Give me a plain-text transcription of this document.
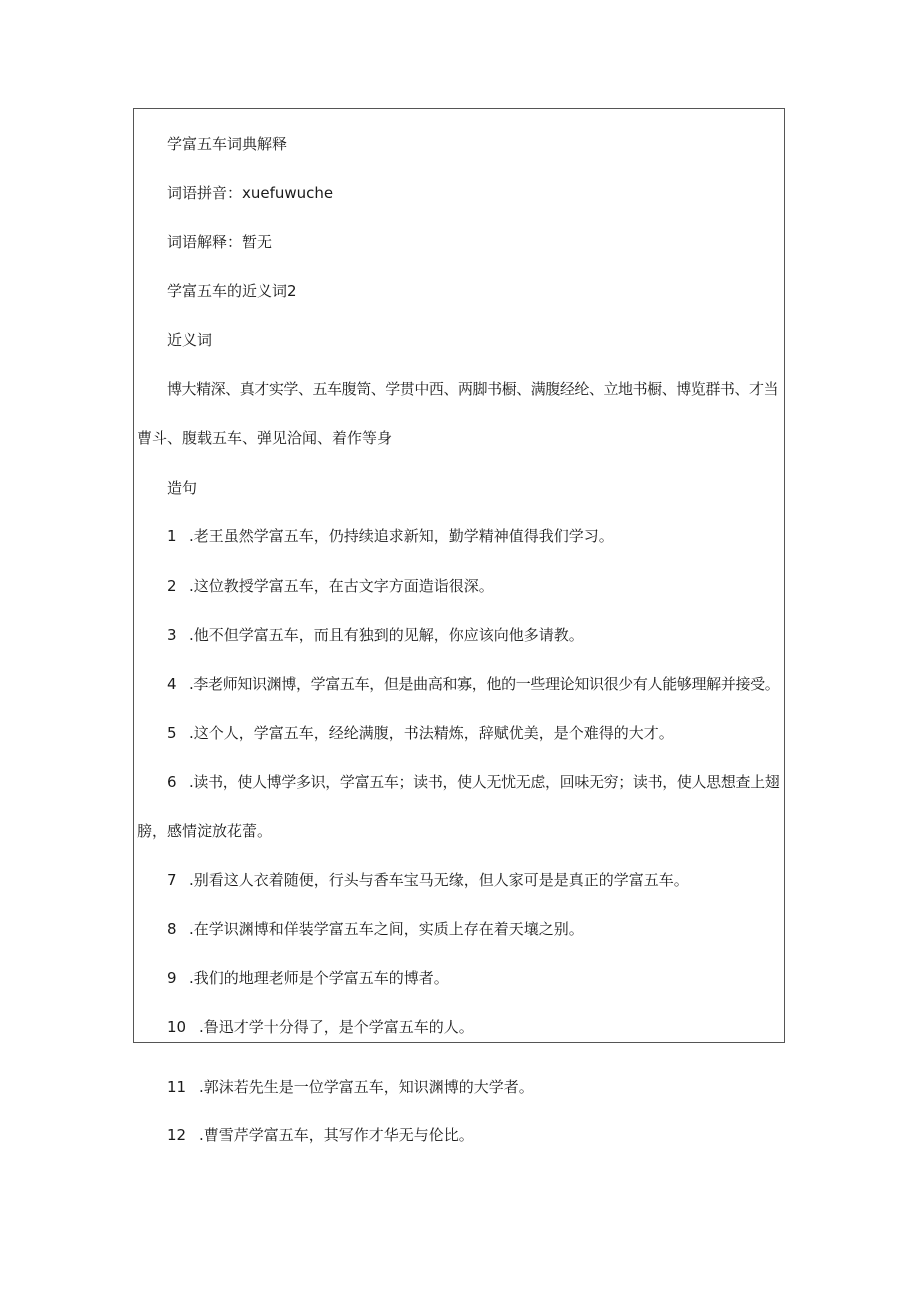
学富五车词典解释
词语拼音：xuefuwuche
词语解释：暂无
学富五车的近义词2
近义词
博大精深、真才实学、五车腹笥、学贯中西、两脚书橱、满腹经纶、立地书橱、博览群书、才当
曹斗、腹载五车、弹见洽闻、着作等身
造句
1 .老王虽然学富五车，仍持续追求新知，勤学精神值得我们学习。
2 .这位教授学富五车，在古文字方面造诣很深。
3 .他不但学富五车，而且有独到的见解，你应该向他多请教。
4 .李老师知识渊博，学富五车，但是曲高和寡，他的一些理论知识很少有人能够理解并接受。
5 .这个人，学富五车，经纶满腹，书法精炼，辞赋优美，是个难得的大才。
6 .读书，使人博学多识，学富五车；读书，使人无忧无虑，回味无穷；读书，使人思想查上翅
膀，感情淀放花蕾。
7 .别看这人衣着随便，行头与香车宝马无缘，但人家可是是真正的学富五车。
8 .在学识渊博和佯装学富五车之间，实质上存在着天壤之别。
9 .我们的地理老师是个学富五车的博者。
10 .鲁迅才学十分得了，是个学富五车的人。
11 .郭沫若先生是一位学富五车，知识渊博的大学者。
12 .曹雪芹学富五车，其写作才华无与伦比。
